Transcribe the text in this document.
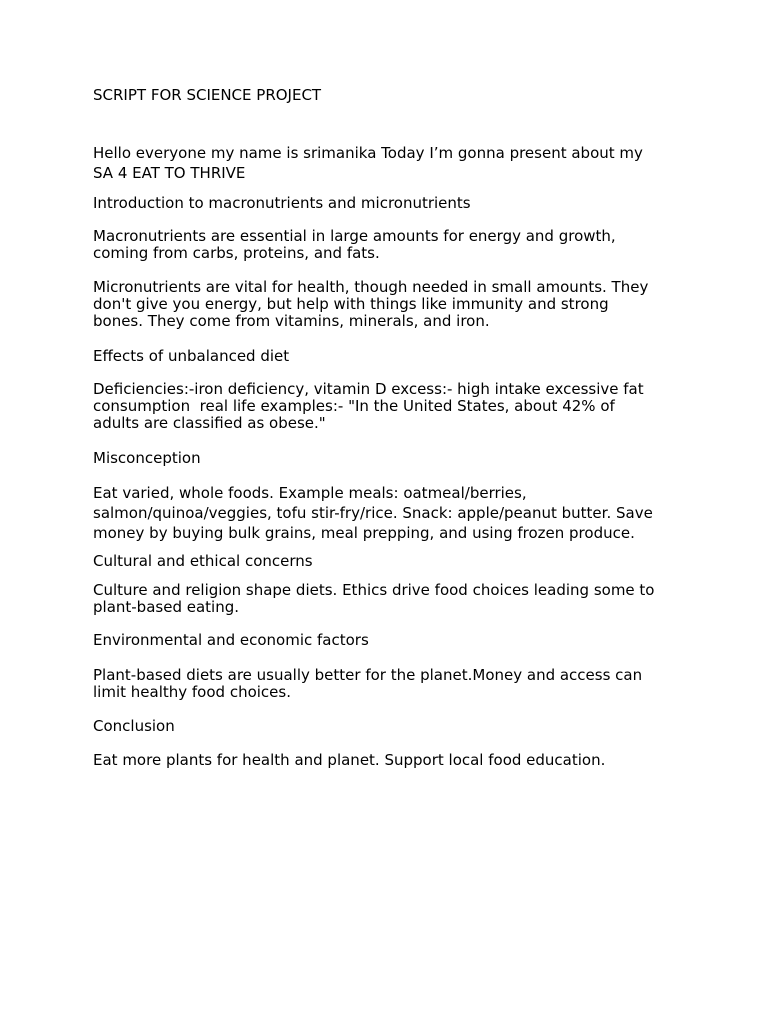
SCRIPT FOR SCIENCE PROJECT
Hello everyone my name is srimanika Today I’m gonna present about my
SA 4 EAT TO THRIVE
Introduction to macronutrients and micronutrients
Macronutrients are essential in large amounts for energy and growth,
coming from carbs, proteins, and fats.
Micronutrients are vital for health, though needed in small amounts. They
don't give you energy, but help with things like immunity and strong
bones. They come from vitamins, minerals, and iron.
Effects of unbalanced diet
Deficiencies:-iron deficiency, vitamin D excess:- high intake excessive fat
consumption  real life examples:- "In the United States, about 42% of
adults are classified as obese."
Misconception
Eat varied, whole foods. Example meals: oatmeal/berries,
salmon/quinoa/veggies, tofu stir-fry/rice. Snack: apple/peanut butter. Save
money by buying bulk grains, meal prepping, and using frozen produce.
Cultural and ethical concerns
Culture and religion shape diets. Ethics drive food choices leading some to
plant-based eating.
Environmental and economic factors
Plant-based diets are usually better for the planet.Money and access can
limit healthy food choices.
Conclusion
Eat more plants for health and planet. Support local food education.
